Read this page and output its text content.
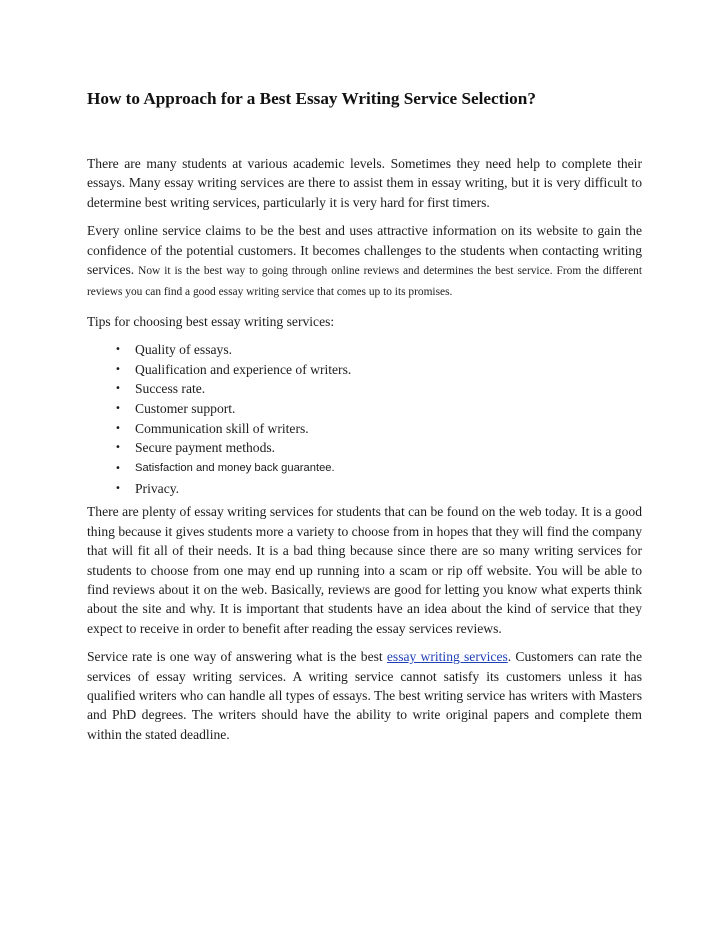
How to Approach for a Best Essay Writing Service Selection?

There are many students at various academic levels. Sometimes they need help to complete their essays. Many essay writing services are there to assist them in essay writing, but it is very difficult to determine best writing services, particularly it is very hard for first timers.

Every online service claims to be the best and uses attractive information on its website to gain the confidence of the potential customers. It becomes challenges to the students when contacting writing services. Now it is the best way to going through online reviews and determines the best service. From the different reviews you can find a good essay writing service that comes up to its promises.

Tips for choosing best essay writing services:

• Quality of essays.
• Qualification and experience of writers.
• Success rate.
• Customer support.
• Communication skill of writers.
• Secure payment methods.
• Satisfaction and money back guarantee.
• Privacy.

There are plenty of essay writing services for students that can be found on the web today. It is a good thing because it gives students more a variety to choose from in hopes that they will find the company that will fit all of their needs. It is a bad thing because since there are so many writing services for students to choose from one may end up running into a scam or rip off website. You will be able to find reviews about it on the web. Basically, reviews are good for letting you know what experts think about the site and why. It is important that students have an idea about the kind of service that they expect to receive in order to benefit after reading the essay services reviews.

Service rate is one way of answering what is the best essay writing services. Customers can rate the services of essay writing services. A writing service cannot satisfy its customers unless it has qualified writers who can handle all types of essays. The best writing service has writers with Masters and PhD degrees. The writers should have the ability to write original papers and complete them within the stated deadline.
